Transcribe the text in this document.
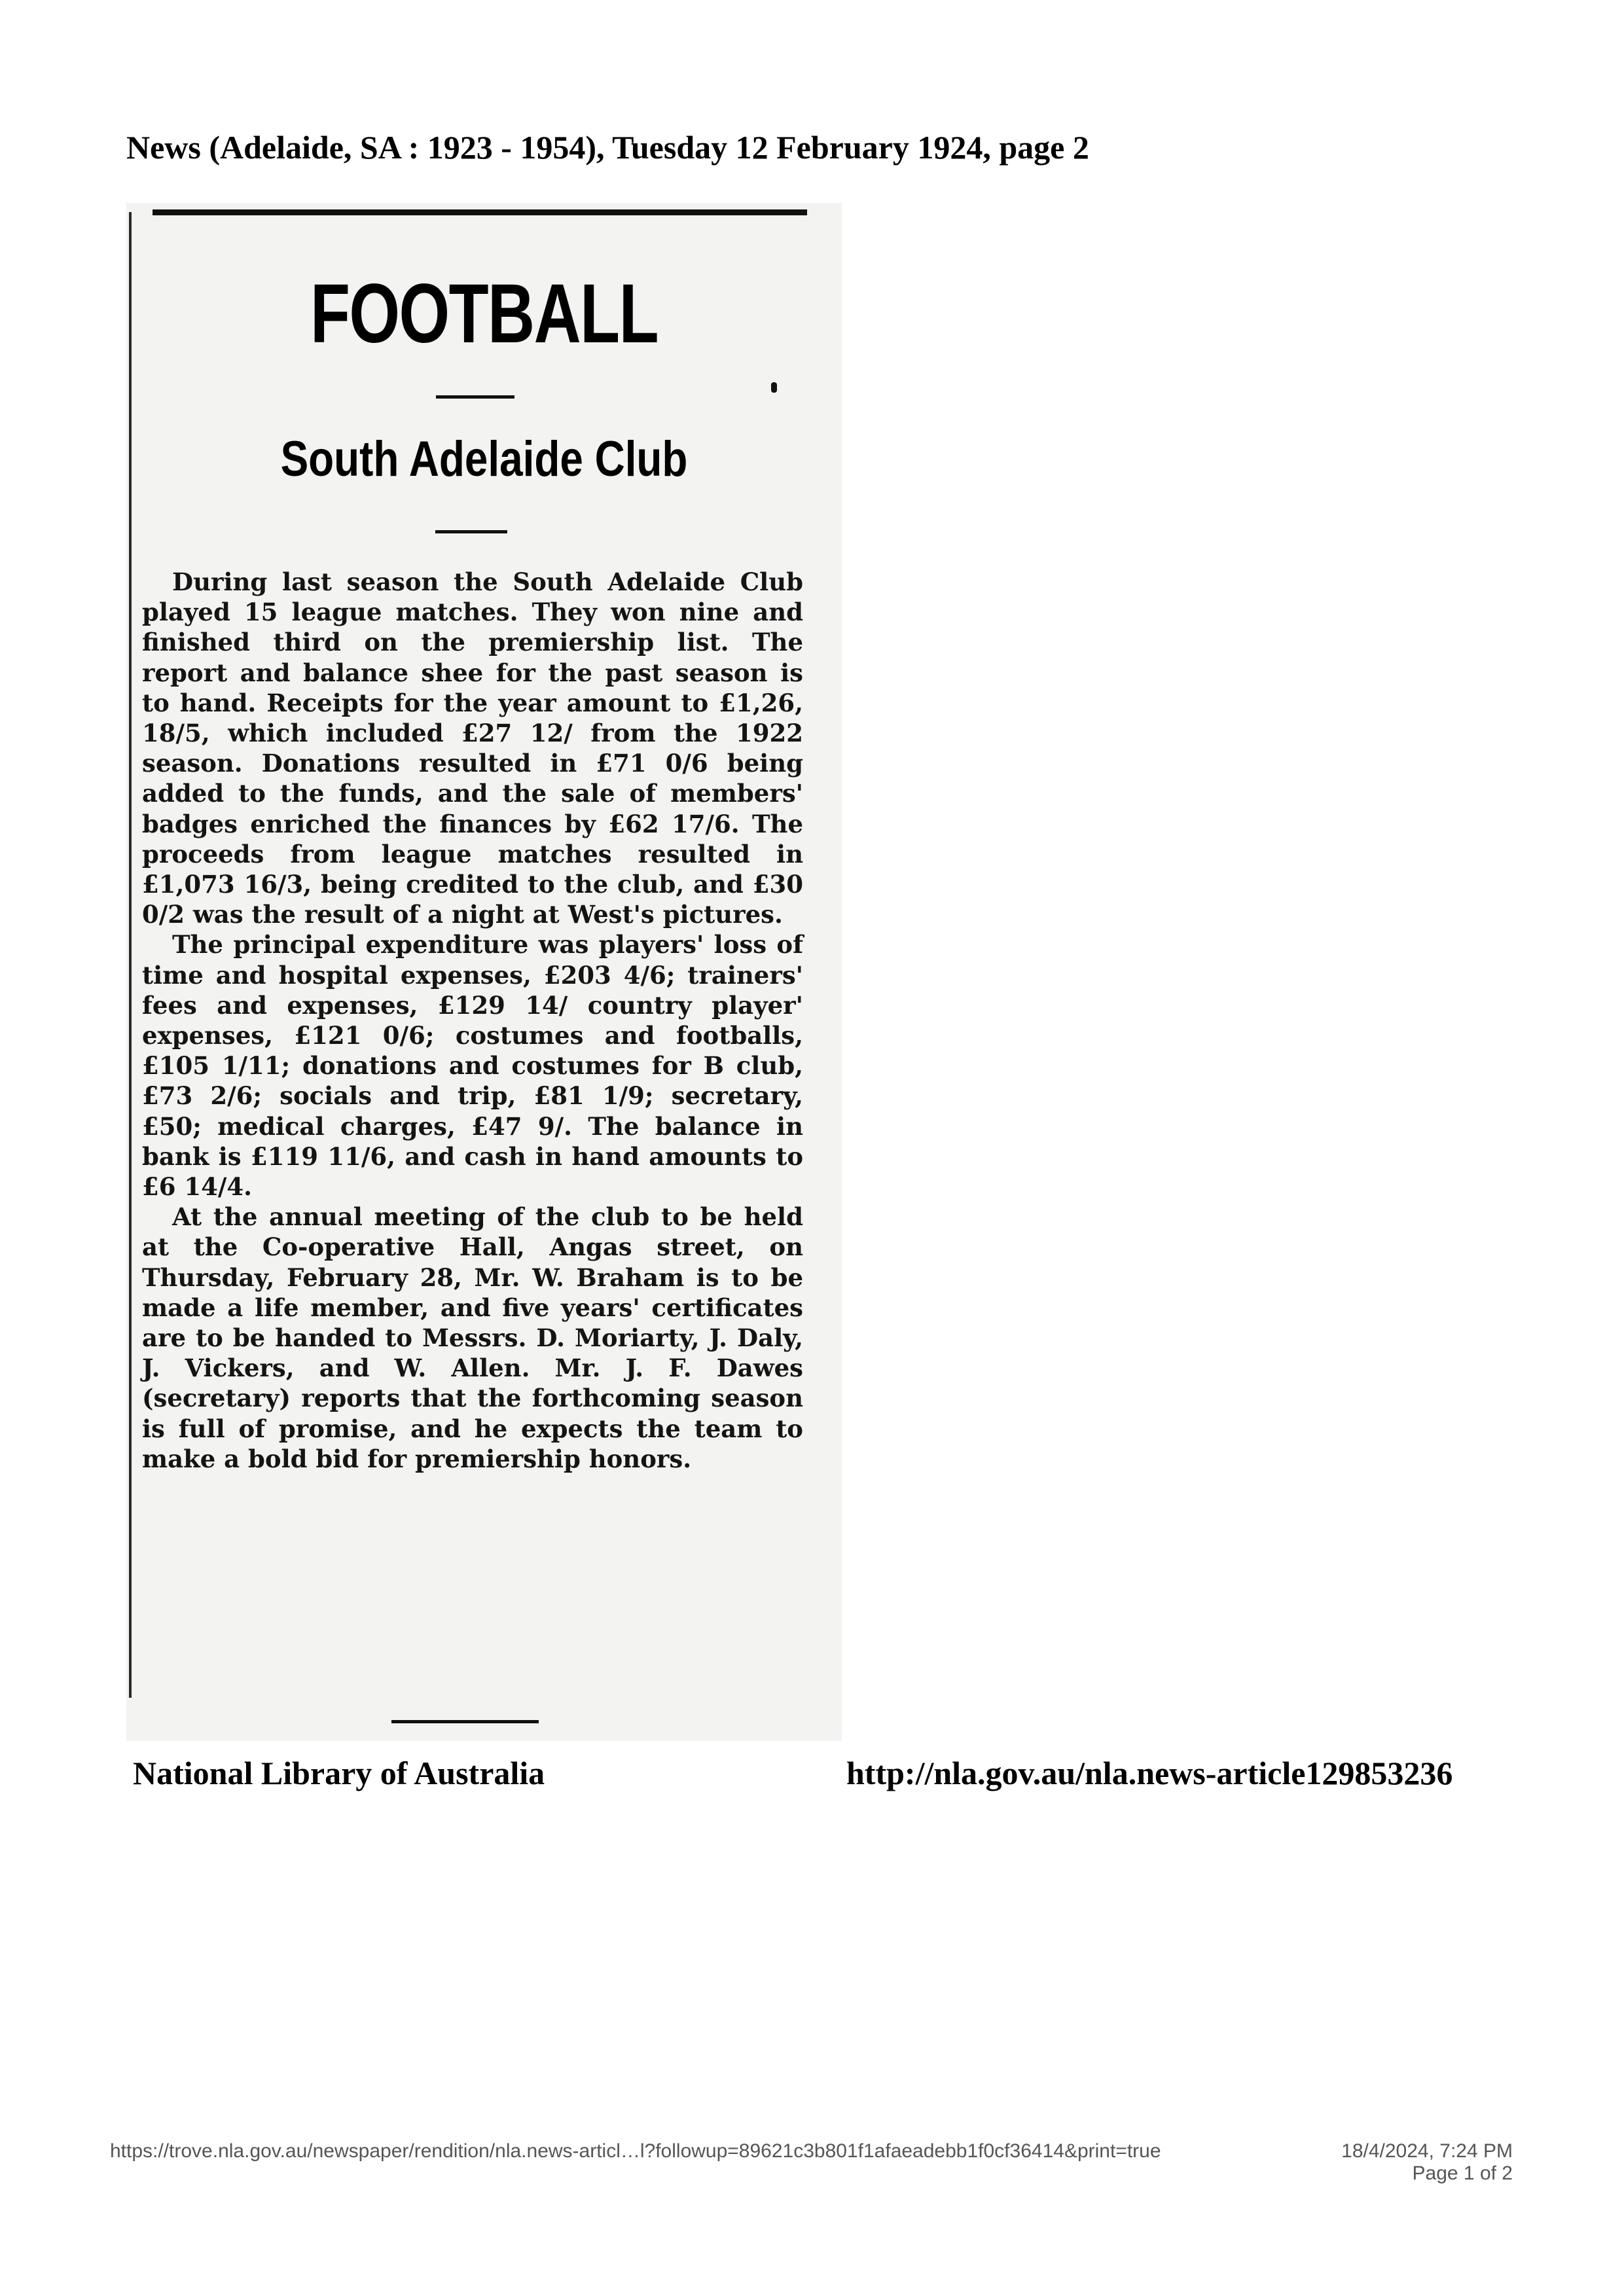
News (Adelaide, SA : 1923 - 1954), Tuesday 12 February 1924, page 2
FOOTBALL
South Adelaide Club

During last season the South Adelaide Club played 15 league matches. They won nine and finished third on the premiership list. The report and balance shee for the past season is to hand. Receipts for the year amount to £1,26, 18/5, which included £27 12/ from the 1922 season. Donations resulted in £71 0/6 being added to the funds, and the sale of members' badges enriched the finances by £62 17/6. The proceeds from league matches resulted in £1,073 16/3, being credited to the club, and £30 0/2 was the result of a night at West's pictures.

The principal expenditure was players' loss of time and hospital expenses, £203 4/6; trainers' fees and expenses, £129 14/ country player' expenses, £121 0/6; costumes and footballs, £105 1/11; donations and costumes for B club, £73 2/6; socials and trip, £81 1/9; secretary, £50; medical charges, £47 9/. The balance in bank is £119 11/6, and cash in hand amounts to £6 14/4.

At the annual meeting of the club to be held at the Co-operative Hall, Angas street, on Thursday, February 28, Mr. W. Braham is to be made a life member, and five years' certificates are to be handed to Messrs. D. Moriarty, J. Daly, J. Vickers, and W. Allen. Mr. J. F. Dawes (secretary) reports that the forthcoming season is full of promise, and he expects the team to make a bold bid for premiership honors.

National Library of Australia	http://nla.gov.au/nla.news-article129853236
https://trove.nla.gov.au/newspaper/rendition/nla.news-articl…l?followup=89621c3b801f1afaeadebb1f0cf36414&print=true	18/4/2024, 7:24 PM
Page 1 of 2
